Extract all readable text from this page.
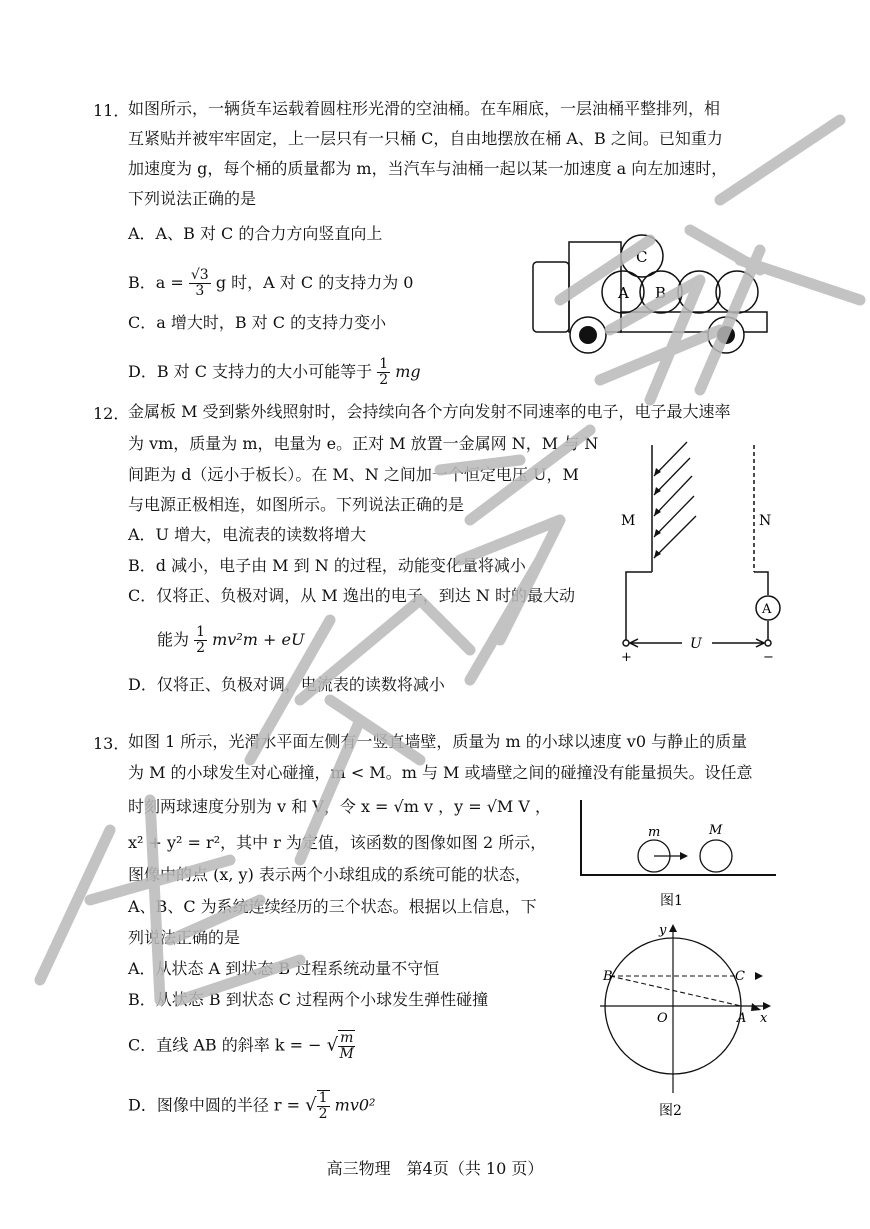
11．
如图所示，一辆货车运载着圆柱形光滑的空油桶。在车厢底，一层油桶平整排列，相
互紧贴并被牢牢固定，上一层只有一只桶 C，自由地摆放在桶 A、B 之间。已知重力
加速度为 g，每个桶的质量都为 m，当汽车与油桶一起以某一加速度 a 向左加速时，
下列说法正确的是
A．A、B 对 C 的合力方向竖直向上
B．$a = \frac{√3}{3}$ g 时，A 对 C 的支持力为 0
C．a 增大时，B 对 C 的支持力变小
D．B 对 C 支持力的大小可能等于 $\frac{1}{2}$ mg
A B
C
12．
金属板 M 受到紫外线照射时，会持续向各个方向发射不同速率的电子，电子最大速率
为 vm，质量为 m，电量为 e。正对 M 放置一金属网 N，M 与 N
间距为 d（远小于板长）。在 M、N 之间加一个恒定电压 U，M
与电源正极相连，如图所示。下列说法正确的是
A．U 增大，电流表的读数将增大
B．d 减小，电子由 M 到 N 的过程，动能变化量将减小
C．仅将正、负极对调，从 M 逸出的电子，到达 N 时的最大动
能为 $\frac{1}{2} mv^2m$ + eU
D．仅将正、负极对调，电流表的读数将减小
M	N
A
U
+	−
13．
如图 1 所示，光滑水平面左侧有一竖直墙壁，质量为 m 的小球以速度 v0 与静止的质量
为 M 的小球发生对心碰撞，m < M。m 与 M 或墙壁之间的碰撞没有能量损失。设任意
时刻两球速度分别为 v 和 V，令 x = √m v ，y = √M V ，
x² + y² = r²，其中 r 为定值，该函数的图像如图 2 所示，
图像中的点 (x, y) 表示两个小球组成的系统可能的状态，
A、B、C 为系统连续经历的三个状态。根据以上信息，下
列说法正确的是
A．从状态 A 到状态 B 过程系统动量不守恒
B．从状态 B 到状态 C 过程两个小球发生弹性碰撞
C．直线 AB 的斜率 k = − √ $\frac{m}{M}$
D．图像中圆的半径 r = √ $\frac{1}{2} mv0^2$
m	M
图1
B	C
A
O	x
y
图2
高三物理　第4页（共 10 页）
